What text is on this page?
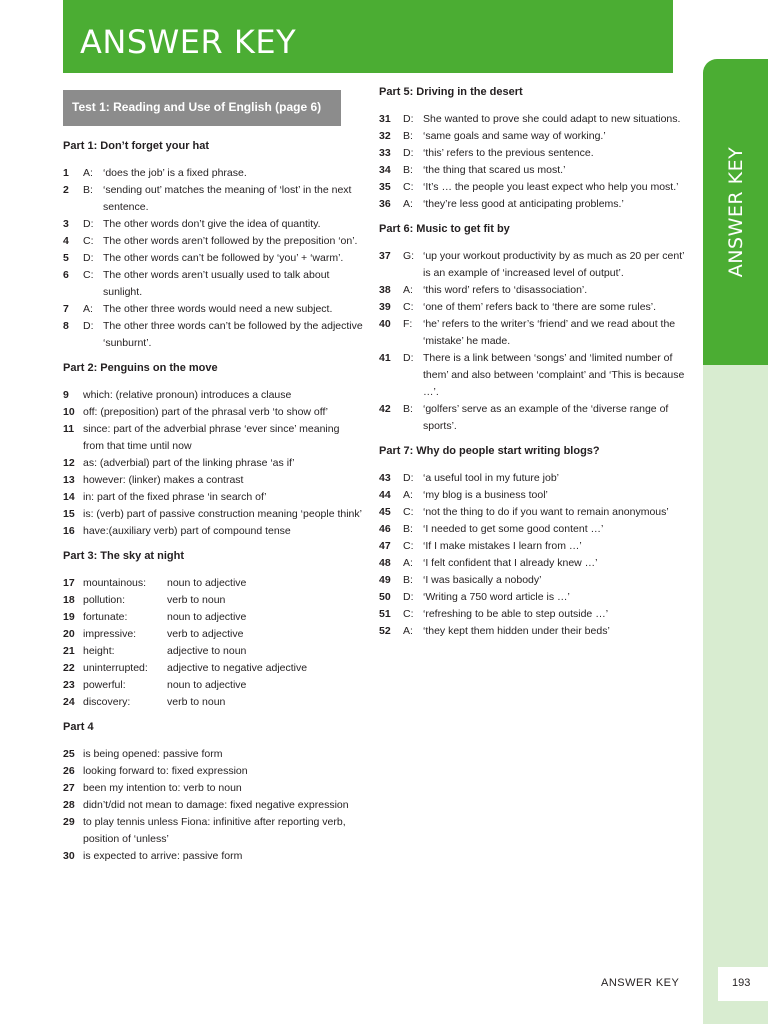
ANSWER KEY
ANSWER KEY
Test 1: Reading and Use of English (page 6)
Part 1: Don’t forget your hat
1	A: ‘does the job’ is a fixed phrase.
2	B: ‘sending out’ matches the meaning of ‘lost’ in the next sentence.
3	D: The other words don’t give the idea of quantity.
4	C: The other words aren’t followed by the preposition ‘on’.
5	D: The other words can’t be followed by ‘you’ + ‘warm’.
6	C: The other words aren’t usually used to talk about sunlight.
7	A: The other three words would need a new subject.
8	D: The other three words can’t be followed by the adjective ‘sunburnt’.
Part 2: Penguins on the move
9	which: (relative pronoun) introduces a clause
10 off: (preposition) part of the phrasal verb ‘to show off’
11 since: part of the adverbial phrase ‘ever since’ meaning from that time until now
12 as: (adverbial) part of the linking phrase ‘as if’
13 however: (linker) makes a contrast
14 in: part of the fixed phrase ‘in search of’
15 is: (verb) part of passive construction meaning ‘people think’
16 have:(auxiliary verb) part of compound tense
Part 3: The sky at night
17 mountainous:	noun to adjective
18 pollution:	verb to noun
19 fortunate:	noun to adjective
20 impressive:	verb to adjective
21 height:	adjective to noun
22 uninterrupted:	adjective to negative adjective
23 powerful:	noun to adjective
24 discovery:	verb to noun
Part 4
25 is being opened: passive form
26 looking forward to: fixed expression
27 been my intention to: verb to noun
28 didn’t/did not mean to damage: fixed negative expression
29 to play tennis unless Fiona: infinitive after reporting verb, position of ‘unless’
30 is expected to arrive: passive form
Part 5: Driving in the desert
31	D: She wanted to prove she could adapt to new situations.
32	B: ‘same goals and same way of working.’
33	D: ‘this’ refers to the previous sentence.
34	B: ‘the thing that scared us most.’
35	C: ‘It’s … the people you least expect who help you most.’
36	A: ‘they’re less good at anticipating problems.’
Part 6: Music to get fit by
37	G: ‘up your workout productivity by as much as 20 per cent’ is an example of ‘increased level of output’.
38	A: ‘this word’ refers to ‘disassociation’.
39	C: ‘one of them’ refers back to ‘there are some rules’.
40	F:	‘he’ refers to the writer’s ‘friend’ and we read about the ‘mistake’ he made.
41	D: There is a link between ‘songs’ and ‘limited number of them’ and also between ‘complaint’ and ‘This is because …’.
42	B: ‘golfers’ serve as an example of the ‘diverse range of sports’.
Part 7: Why do people start writing blogs?
43	D: ‘a useful tool in my future job’
44	A: ‘my blog is a business tool’
45	C: ‘not the thing to do if you want to remain anonymous’
46	B: ‘I needed to get some good content …’
47	C: ‘If I make mistakes I learn from …’
48	A: ‘I felt confident that I already knew …’
49	B: ‘I was basically a nobody’
50	D: ‘Writing a 750 word article is …’
51	C: ‘refreshing to be able to step outside …’
52	A: ‘they kept them hidden under their beds’
ANSWER KEY	193
